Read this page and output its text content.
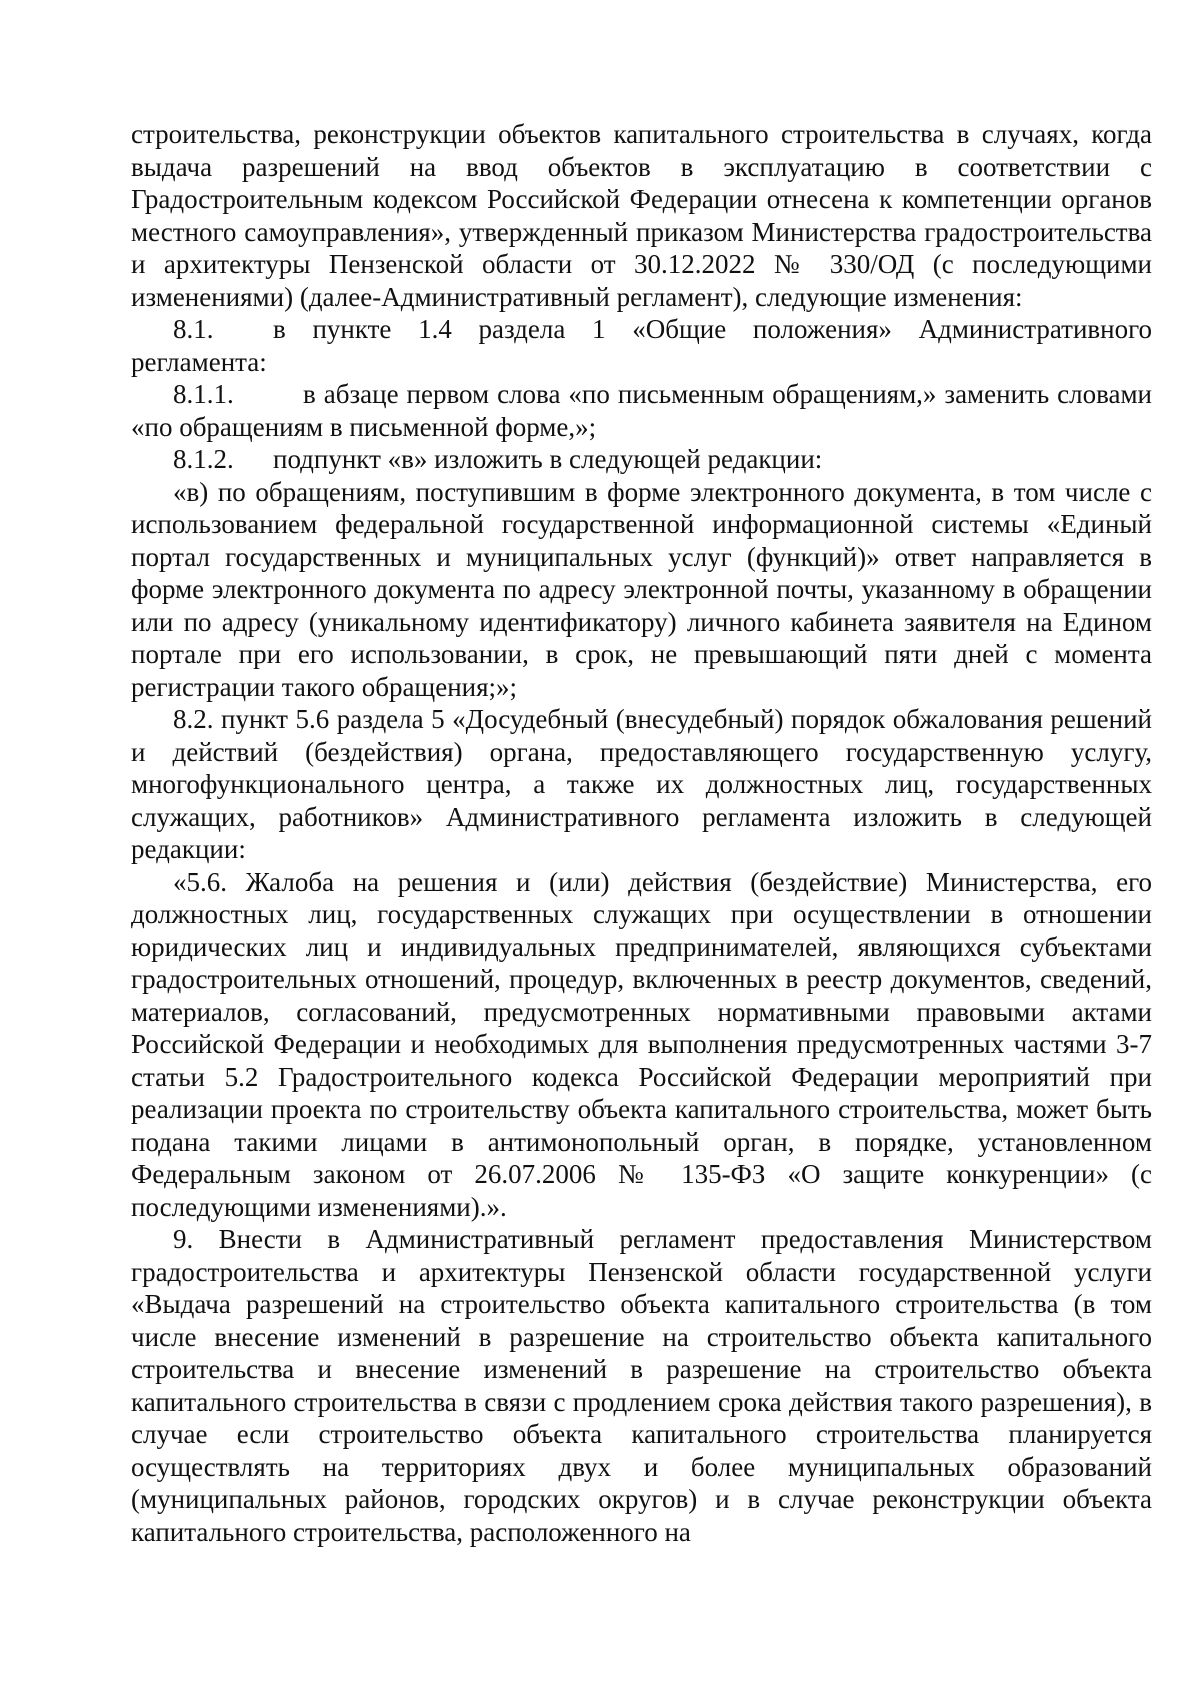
строительства, реконструкции объектов капитального строительства в случаях, когда выдача разрешений на ввод объектов в эксплуатацию в соответствии с Градостроительным кодексом Российской Федерации отнесена к компетенции органов местного самоуправления», утвержденный приказом Министерства градостроительства и архитектуры Пензенской области от 30.12.2022 № 330/ОД (с последующими изменениями) (далее-Административный регламент), следующие изменения:

8.1. в пункте 1.4 раздела 1 «Общие положения» Административного регламента:

8.1.1.	в абзаце первом слова «по письменным обращениям,» заменить словами «по обращениям в письменной форме,»;

8.1.2. подпункт «в» изложить в следующей редакции:

«в) по обращениям, поступившим в форме электронного документа, в том числе с использованием федеральной государственной информационной системы «Единый портал государственных и муниципальных услуг (функций)» ответ направляется в форме электронного документа по адресу электронной почты, указанному в обращении или по адресу (уникальному идентификатору) личного кабинета заявителя на Едином портале при его использовании, в срок, не превышающий пяти дней с момента регистрации такого обращения;»;

8.2. пункт 5.6 раздела 5 «Досудебный (внесудебный) порядок обжалования решений и действий (бездействия) органа, предоставляющего государственную услугу, многофункционального центра, а также их должностных лиц, государственных служащих, работников» Административного регламента изложить в следующей редакции:

«5.6. Жалоба на решения и (или) действия (бездействие) Министерства, его должностных лиц, государственных служащих при осуществлении в отношении юридических лиц и индивидуальных предпринимателей, являющихся субъектами градостроительных отношений, процедур, включенных в реестр документов, сведений, материалов, согласований, предусмотренных нормативными правовыми актами Российской Федерации и необходимых для выполнения предусмотренных частями 3-7 статьи 5.2 Градостроительного кодекса Российской Федерации мероприятий при реализации проекта по строительству объекта капитального строительства, может быть подана такими лицами в антимонопольный орган, в порядке, установленном Федеральным законом от 26.07.2006 № 135-ФЗ «О защите конкуренции» (с последующими изменениями).».

9. Внести в Административный регламент предоставления Министерством градостроительства и архитектуры Пензенской области государственной услуги «Выдача разрешений на строительство объекта капитального строительства (в том числе внесение изменений в разрешение на строительство объекта капитального строительства и внесение изменений в разрешение на строительство объекта капитального строительства в связи с продлением срока действия такого разрешения), в случае если строительство объекта капитального строительства планируется осуществлять на территориях двух и более муниципальных образований (муниципальных районов, городских округов) и в случае реконструкции объекта капитального строительства, расположенного на
